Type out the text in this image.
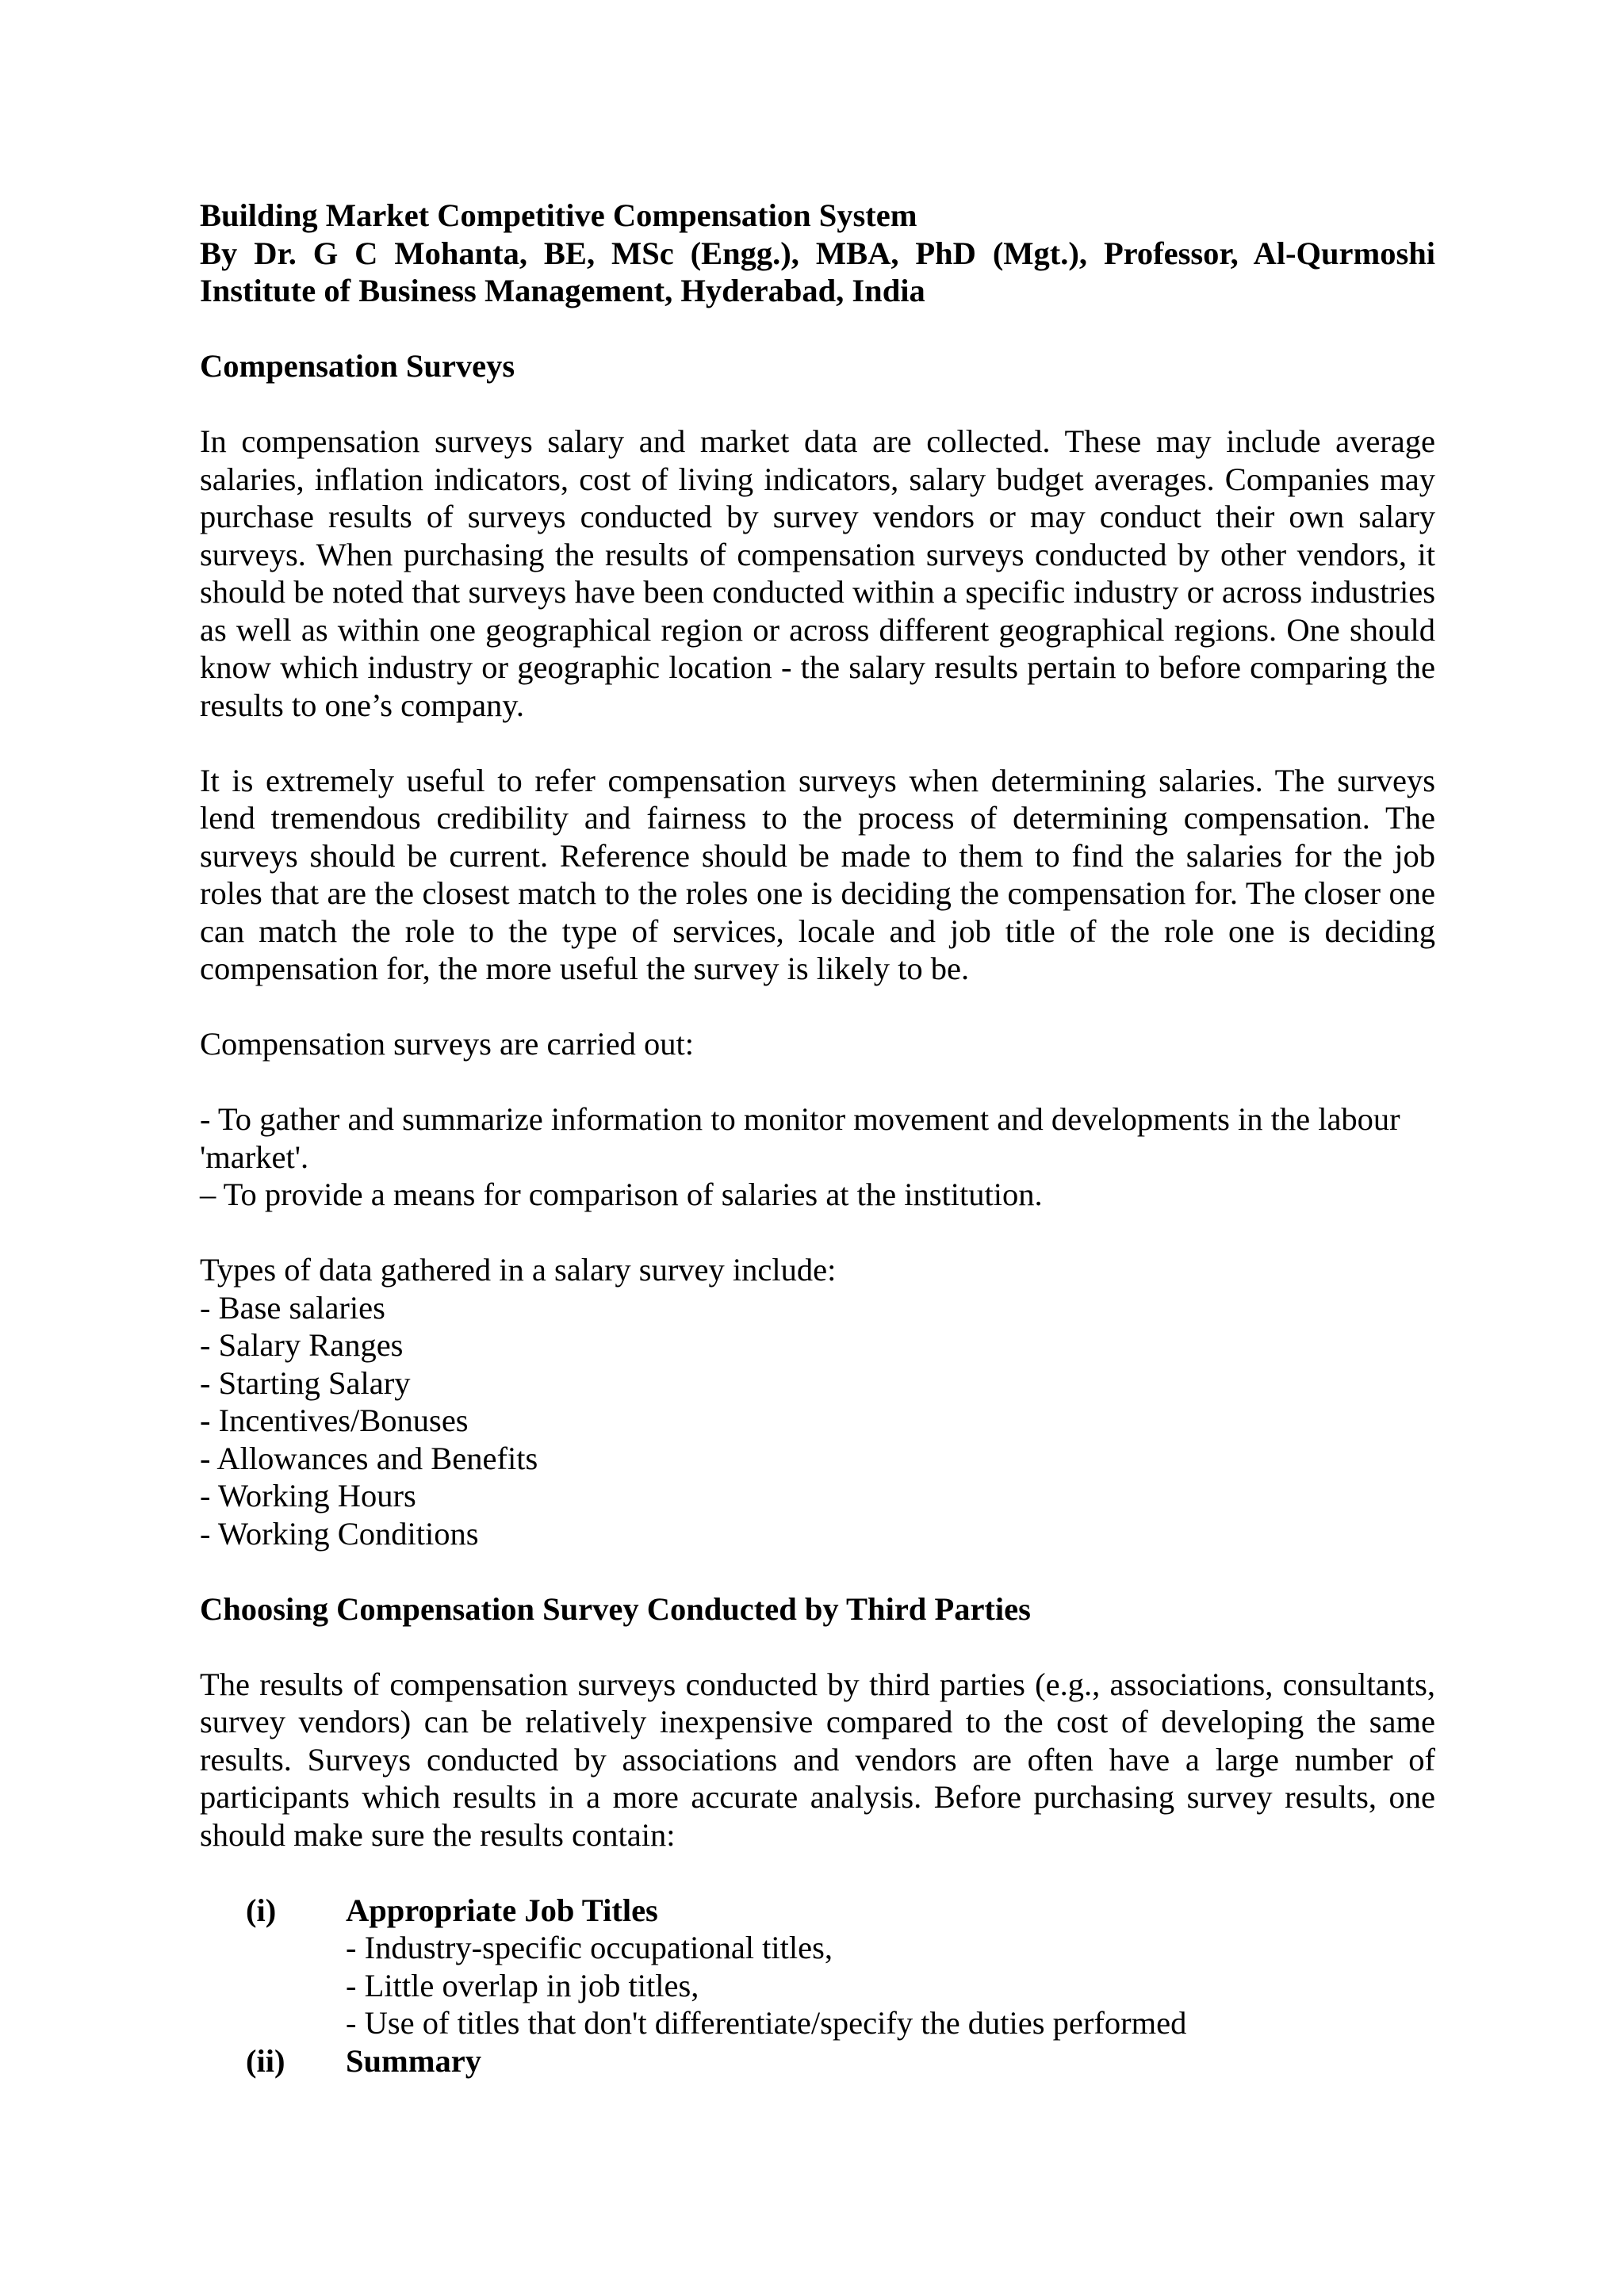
Building Market Competitive Compensation System
By Dr. G C Mohanta, BE, MSc (Engg.), MBA, PhD (Mgt.), Professor, Al-Qurmoshi Institute of Business Management, Hyderabad, India
Compensation Surveys

In compensation surveys salary and market data are collected. These may include average salaries, inflation indicators, cost of living indicators, salary budget averages. Companies may purchase results of surveys conducted by survey vendors or may conduct their own salary surveys. When purchasing the results of compensation surveys conducted by other vendors, it should be noted that surveys have been conducted within a specific industry or across industries as well as within one geographical region or across different geographical regions. One should know which industry or geographic location - the salary results pertain to before comparing the results to one’s company.

It is extremely useful to refer compensation surveys when determining salaries. The surveys lend tremendous credibility and fairness to the process of determining compensation. The surveys should be current. Reference should be made to them to find the salaries for the job roles that are the closest match to the roles one is deciding the compensation for. The closer one can match the role to the type of services, locale and job title of the role one is deciding compensation for, the more useful the survey is likely to be.

Compensation surveys are carried out:

- To gather and summarize information to monitor movement and developments in the labour 'market'.
– To provide a means for comparison of salaries at the institution.
Types of data gathered in a salary survey include:
- Base salaries
- Salary Ranges
- Starting Salary
- Incentives/Bonuses
- Allowances and Benefits
- Working Hours
- Working Conditions
Choosing Compensation Survey Conducted by Third Parties

The results of compensation surveys conducted by third parties (e.g., associations, consultants, survey vendors) can be relatively inexpensive compared to the cost of developing the same results. Surveys conducted by associations and vendors are often have a large number of participants which results in a more accurate analysis. Before purchasing survey results, one should make sure the results contain:

(i) Appropriate Job Titles
- Industry-specific occupational titles,
- Little overlap in job titles,
- Use of titles that don't differentiate/specify the duties performed
(ii) Summary
